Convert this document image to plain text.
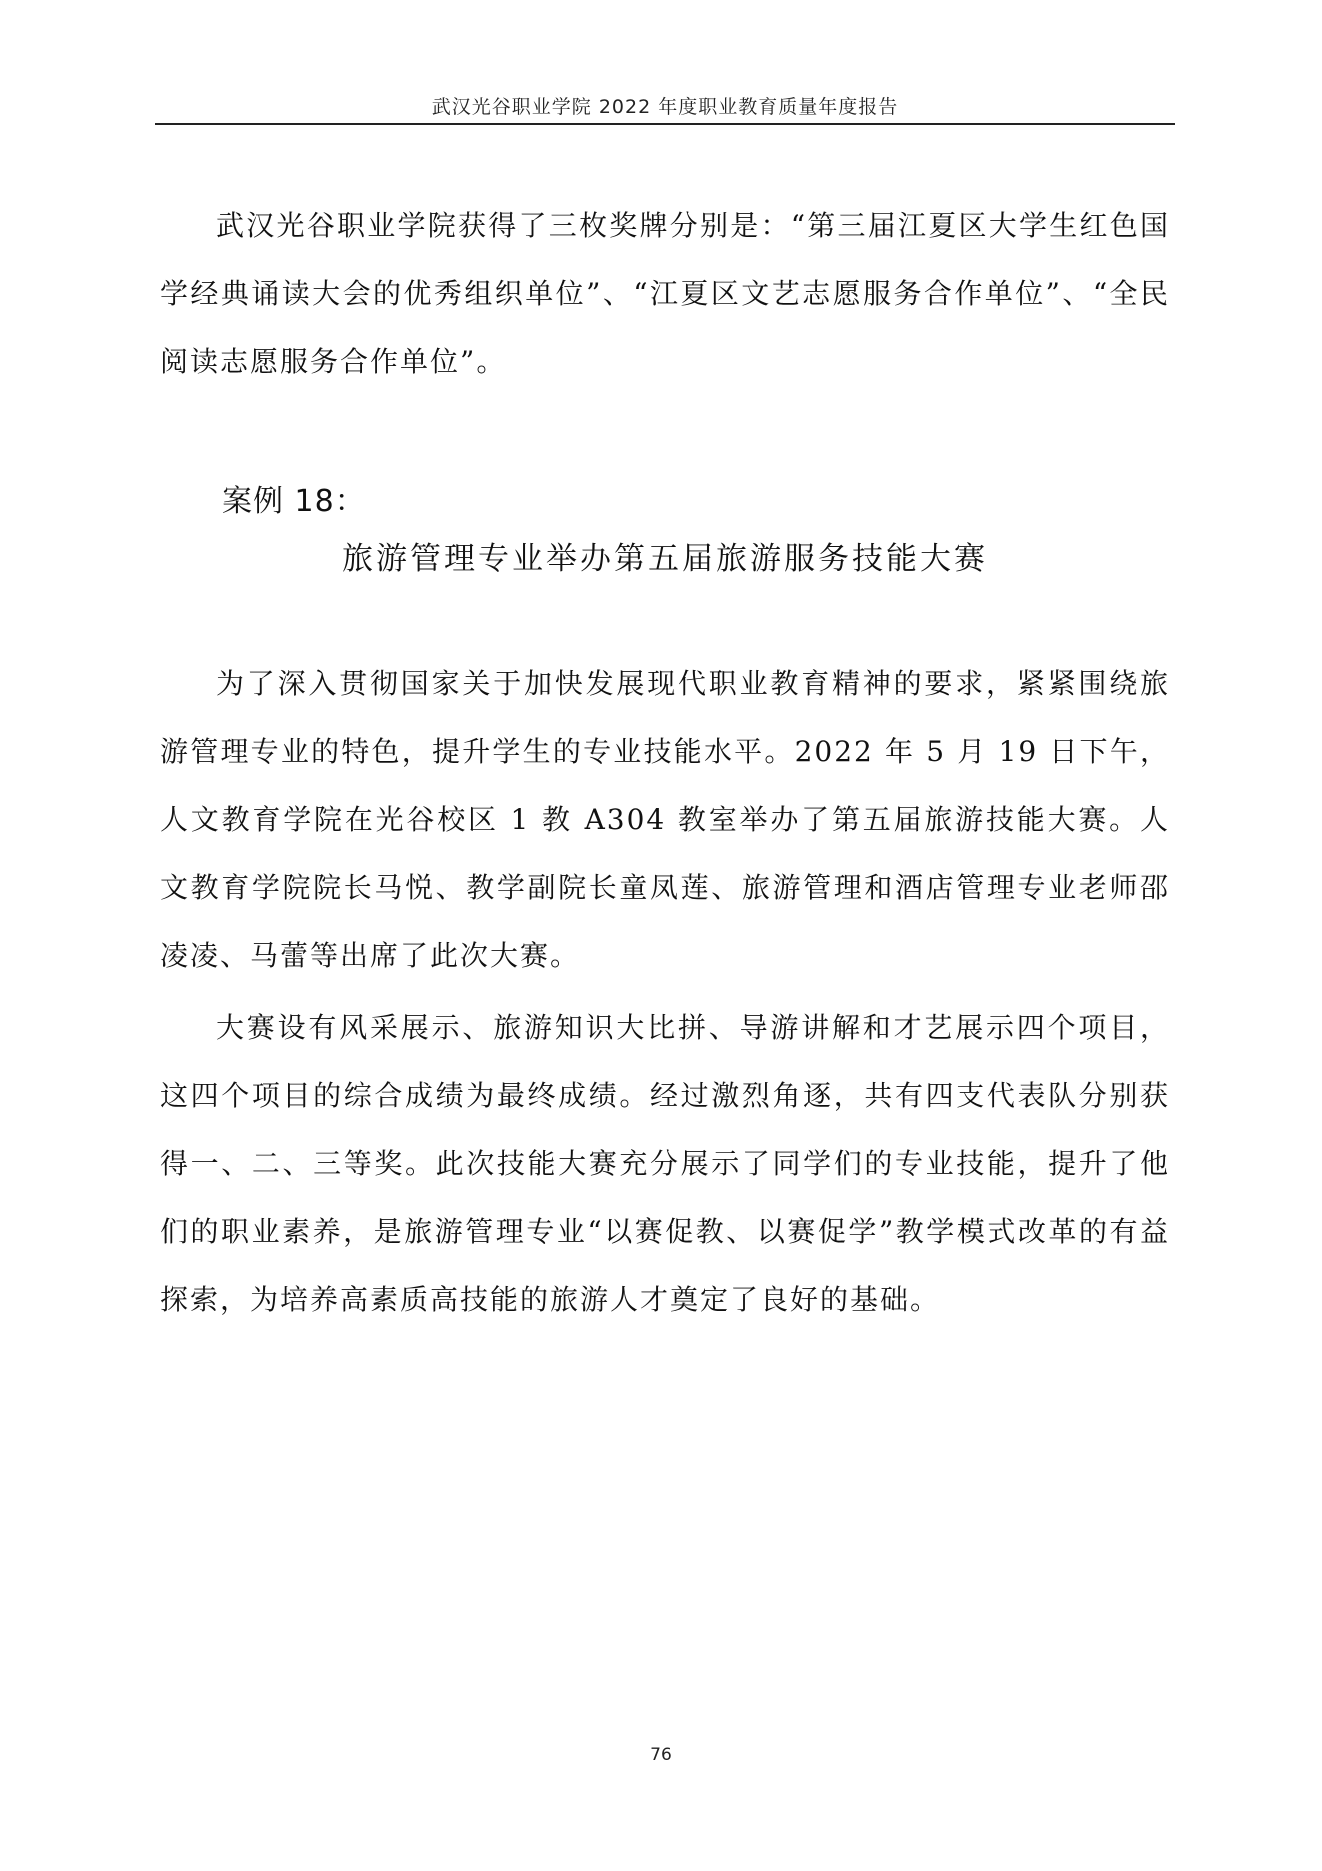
武汉光谷职业学院 2022 年度职业教育质量年度报告

武汉光谷职业学院获得了三枚奖牌分别是：“第三届江夏区大学生红色国学经典诵读大会的优秀组织单位”、“江夏区文艺志愿服务合作单位”、“全民阅读志愿服务合作单位”。

案例 18：
旅游管理专业举办第五届旅游服务技能大赛

为了深入贯彻国家关于加快发展现代职业教育精神的要求，紧紧围绕旅游管理专业的特色，提升学生的专业技能水平。2022 年 5 月 19 日下午，人文教育学院在光谷校区 1 教 A304 教室举办了第五届旅游技能大赛。人文教育学院院长马悦、教学副院长童凤莲、旅游管理和酒店管理专业老师邵凌凌、马蕾等出席了此次大赛。

大赛设有风采展示、旅游知识大比拼、导游讲解和才艺展示四个项目，这四个项目的综合成绩为最终成绩。经过激烈角逐，共有四支代表队分别获得一、二、三等奖。此次技能大赛充分展示了同学们的专业技能，提升了他们的职业素养，是旅游管理专业“以赛促教、以赛促学”教学模式改革的有益探索，为培养高素质高技能的旅游人才奠定了良好的基础。

76
